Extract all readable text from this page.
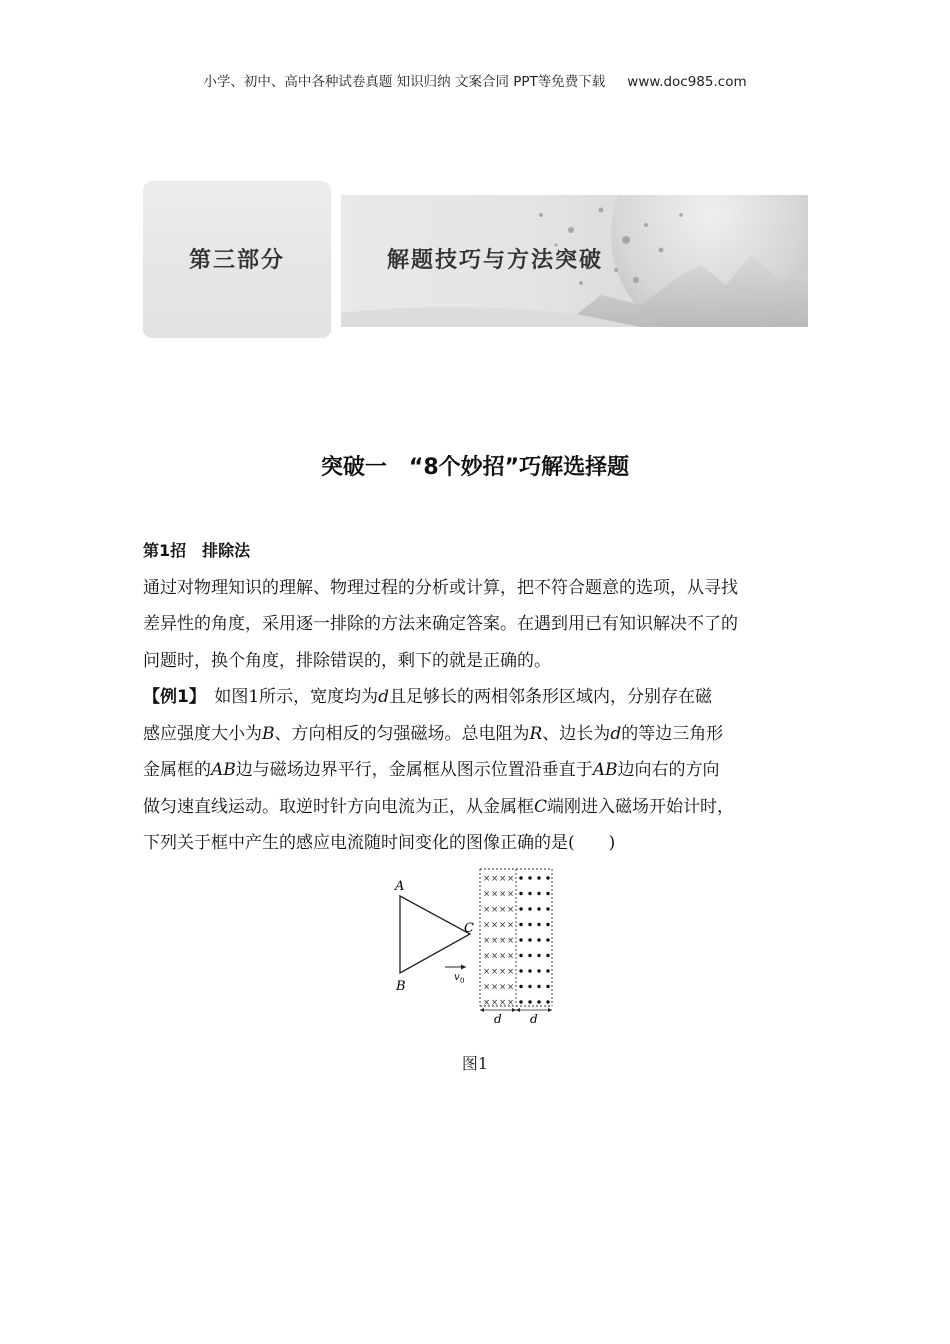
小学、初中、高中各种试卷真题 知识归纳 文案合同 PPT等免费下载 www.doc985.com
第三部分	解题技巧与方法突破
突破一　“8个妙招”巧解选择题

第1招　排除法

通过对物理知识的理解、物理过程的分析或计算，把不符合题意的选项，从寻找

差异性的角度，采用逐一排除的方法来确定答案。在遇到用已有知识解决不了的

问题时，换个角度，排除错误的，剩下的就是正确的。

【例1】　如图1所示，宽度均为d且足够长的两相邻条形区域内，分别存在磁

感应强度大小为B、方向相反的匀强磁场。总电阻为R、边长为d的等边三角形

金属框的AB边与磁场边界平行，金属框从图示位置沿垂直于AB边向右的方向

做匀速直线运动。取逆时针方向电流为正，从金属框C端刚进入磁场开始计时，

下列关于框中产生的感应电流随时间变化的图像正确的是(　　)

A
B
C
v 0
× × × ×
× × × ×
× × × ×
× × × ×
× × × ×
× × × ×
× × × ×
× × × ×
× × × ×
d d
图1
